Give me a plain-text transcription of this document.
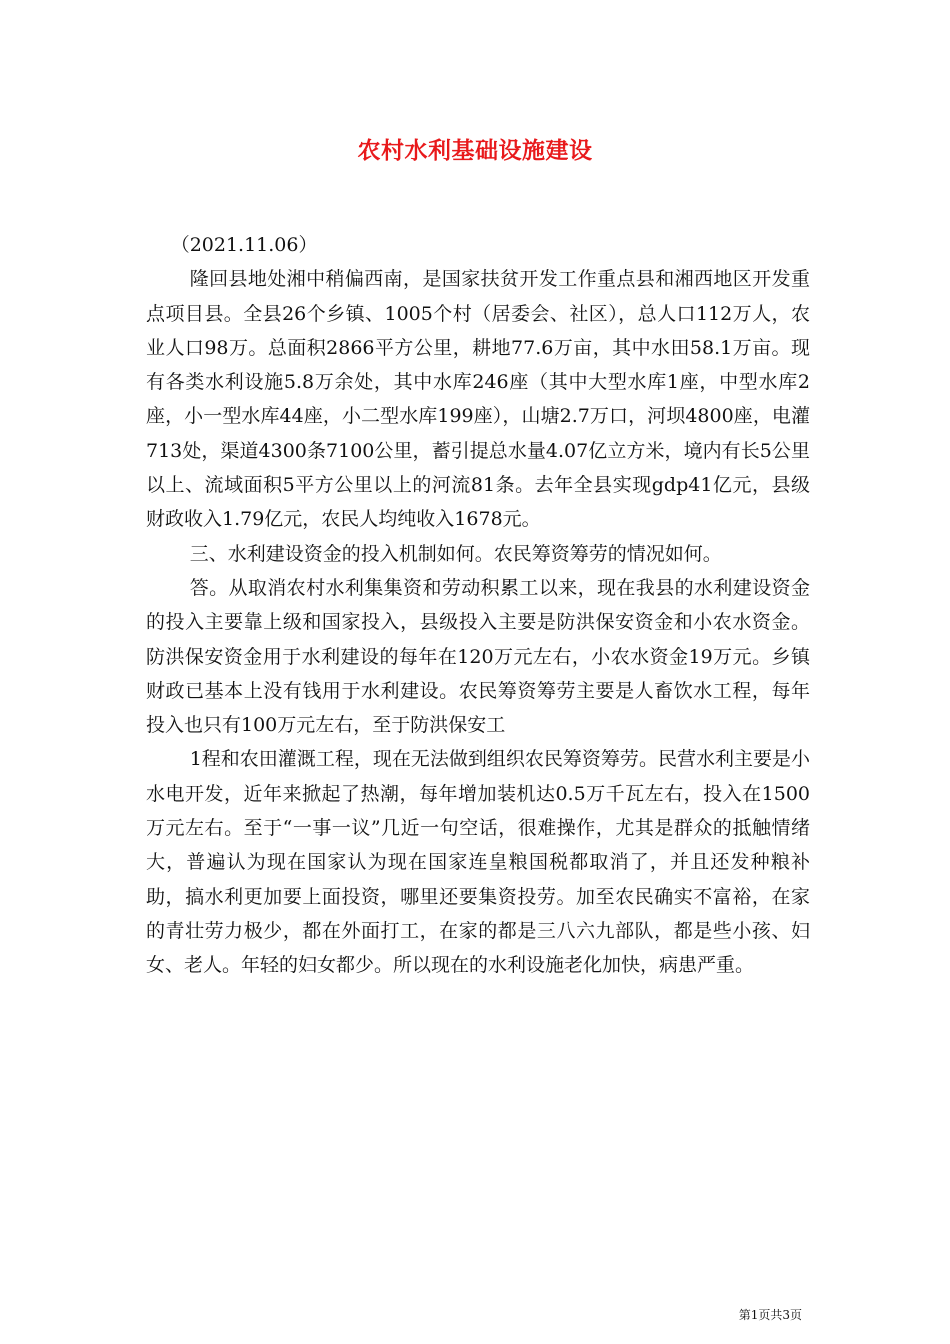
农村水利基础设施建设

（2021.11.06）

隆回县地处湘中稍偏西南，是国家扶贫开发工作重点县和湘西地区开发重点项目县。全县26个乡镇、1005个村（居委会、社区），总人口112万人，农业人口98万。总面积2866平方公里，耕地77.6万亩，其中水田58.1万亩。现有各类水利设施5.8万余处，其中水库246座（其中大型水库1座，中型水库2座，小一型水库44座，小二型水库199座），山塘2.7万口，河坝4800座，电灌713处，渠道4300条7100公里，蓄引提总水量4.07亿立方米，境内有长5公里以上、流域面积5平方公里以上的河流81条。去年全县实现gdp41亿元，县级财政收入1.79亿元，农民人均纯收入1678元。

三、水利建设资金的投入机制如何。农民筹资筹劳的情况如何。

答。从取消农村水利集集资和劳动积累工以来，现在我县的水利建设资金的投入主要靠上级和国家投入，县级投入主要是防洪保安资金和小农水资金。防洪保安资金用于水利建设的每年在120万元左右，小农水资金19万元。乡镇财政已基本上没有钱用于水利建设。农民筹资筹劳主要是人畜饮水工程，每年投入也只有100万元左右，至于防洪保安工

1程和农田灌溉工程，现在无法做到组织农民筹资筹劳。民营水利主要是小水电开发，近年来掀起了热潮，每年增加装机达0.5万千瓦左右，投入在1500万元左右。至于“一事一议”几近一句空话，很难操作，尤其是群众的抵触情绪大，普遍认为现在国家认为现在国家连皇粮国税都取消了，并且还发种粮补助，搞水利更加要上面投资，哪里还要集资投劳。加至农民确实不富裕，在家的青壮劳力极少，都在外面打工，在家的都是三八六九部队，都是些小孩、妇女、老人。年轻的妇女都少。所以现在的水利设施老化加快，病患严重。

第1页共3页
